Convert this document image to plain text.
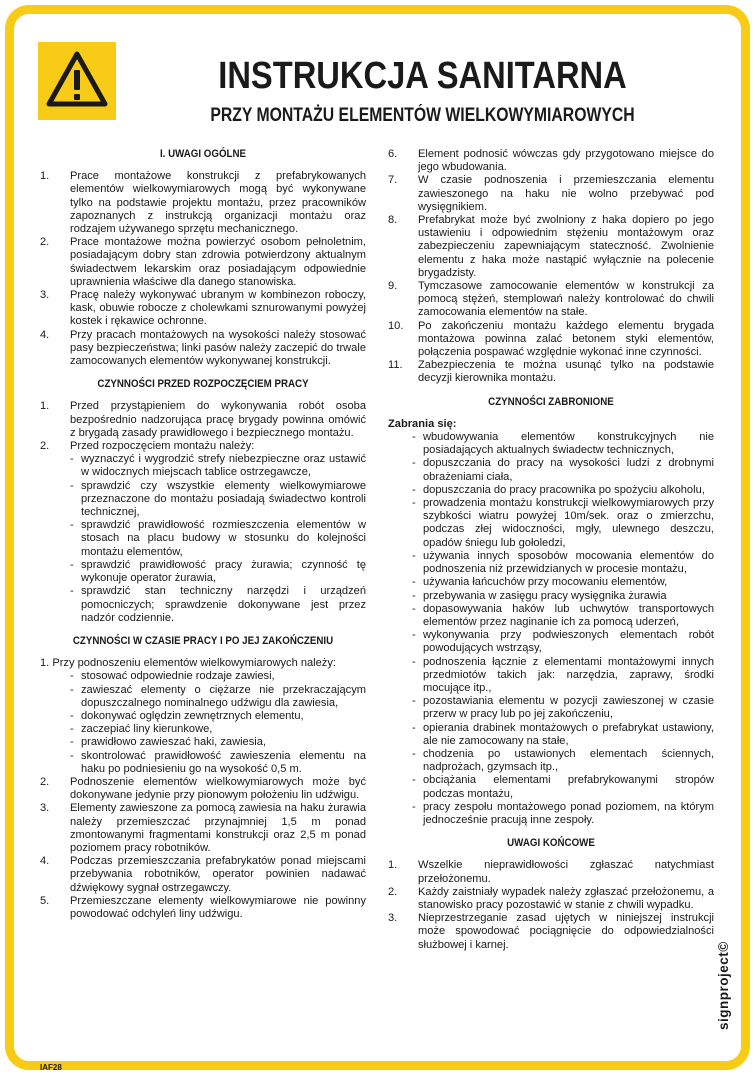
INSTRUKCJA SANITARNA
PRZY MONTAŻU ELEMENTÓW WIELKOWYMIAROWYCH
I. UWAGI OGÓLNE
1.	Prace montażowe konstrukcji z prefabrykowanych elementów wielkowymiarowych mogą być wykonywane tylko na podstawie projektu montażu, przez pracowników zapoznanych z instrukcją organizacji montażu oraz rodzajem używanego sprzętu mechanicznego.
2.	Prace montażowe można powierzyć osobom pełnoletnim, posiadającym dobry stan zdrowia potwierdzony aktualnym świadectwem lekarskim oraz posiadającym odpowiednie uprawnienia właściwe dla danego stanowiska.
3.	Pracę należy wykonywać ubranym w kombinezon roboczy, kask, obuwie robocze z cholewkami sznurowanymi powyżej kostek i rękawice ochronne.
4.	Przy pracach montażowych na wysokości należy stosować pasy bezpieczeństwa; linki pasów należy zaczepić do trwale zamocowanych elementów wykonywanej konstrukcji.
CZYNNOŚCI PRZED ROZPOCZĘCIEM PRACY
1.	Przed przystąpieniem do wykonywania robót osoba bezpośrednio nadzorująca pracę brygady powinna omówić z brygadą zasady prawidłowego i bezpiecznego montażu.
2.	Przed rozpoczęciem montażu należy:
- wyznaczyć i wygrodzić strefy niebezpieczne oraz ustawić w widocznych miejscach tablice ostrzegawcze,
- sprawdzić czy wszystkie elementy wielkowymiarowe przeznaczone do montażu posiadają świadectwo kontroli technicznej,
- sprawdzić prawidłowość rozmieszczenia elementów w stosach na placu budowy w stosunku do kolejności montażu elementów,
- sprawdzić prawidłowość pracy żurawia; czynność tę wykonuje operator żurawia,
- sprawdzić stan techniczny narzędzi i urządzeń pomocniczych; sprawdzenie dokonywane jest przez nadzór codziennie.
CZYNNOŚCI W CZASIE PRACY I PO JEJ ZAKOŃCZENIU
1. Przy podnoszeniu elementów wielkowymiarowych należy:
- stosować odpowiednie rodzaje zawiesi,
- zawieszać elementy o ciężarze nie przekraczającym dopuszczalnego nominalnego udźwigu dla zawiesia,
- dokonywać oględzin zewnętrznych elementu,
- zaczepiać liny kierunkowe,
- prawidłowo zawieszać haki, zawiesia,
- skontrolować prawidłowość zawieszenia elementu na haku po podniesieniu go na wysokość 0,5 m.
2.	Podnoszenie elementów wielkowymiarowych może być dokonywane jedynie przy pionowym położeniu lin udźwigu.
3.	Elementy zawieszone za pomocą zawiesia na haku żurawia należy przemieszczać przynajmniej 1,5 m ponad zmontowanymi fragmentami konstrukcji oraz 2,5 m ponad poziomem pracy robotników.
4.	Podczas przemieszczania prefabrykatów ponad miejscami przebywania robotników, operator powinien nadawać dźwiękowy sygnał ostrzegawczy.
5.	Przemieszczane elementy wielkowymiarowe nie powinny powodować odchyleń liny udźwigu.
6.	Element podnosić wówczas gdy przygotowano miejsce do jego wbudowania.
7.	W czasie podnoszenia i przemieszczania elementu zawieszonego na haku nie wolno przebywać pod wysięgnikiem.
8.	Prefabrykat może być zwolniony z haka dopiero po jego ustawieniu i odpowiednim stężeniu montażowym oraz zabezpieczeniu zapewniającym stateczność. Zwolnienie elementu z haka może nastąpić wyłącznie na polecenie brygadzisty.
9.	Tymczasowe zamocowanie elementów w konstrukcji za pomocą stężeń, stemplowań należy kontrolować do chwili zamocowania elementów na stałe.
10.	Po zakończeniu montażu każdego elementu brygada montażowa powinna zalać betonem styki elementów, połączenia pospawać względnie wykonać inne czynności.
11.	Zabezpieczenia te można usunąć tylko na podstawie decyzji kierownika montażu.
CZYNNOŚCI ZABRONIONE
Zabrania się:
- wbudowywania elementów konstrukcyjnych nie posiadających aktualnych świadectw technicznych,
- dopuszczania do pracy na wysokości ludzi z drobnymi obrażeniami ciała,
- dopuszczania do pracy pracownika po spożyciu alkoholu,
- prowadzenia montażu konstrukcji wielkowymiarowych przy szybkości wiatru powyżej 10m/sek. oraz o zmierzchu, podczas złej widoczności, mgły, ulewnego deszczu, opadów śniegu lub gołoledzi,
- używania innych sposobów mocowania elementów do podnoszenia niż przewidzianych w procesie montażu,
- używania łańcuchów przy mocowaniu elementów,
- przebywania w zasięgu pracy wysięgnika żurawia
- dopasowywania haków lub uchwytów transportowych elementów przez naginanie ich za pomocą uderzeń,
- wykonywania przy podwieszonych elementach robót powodujących wstrząsy,
- podnoszenia łącznie z elementami montażowymi innych przedmiotów takich jak: narzędzia, zaprawy, środki mocujące itp.,
- pozostawiania elementu w pozycji zawieszonej w czasie przerw w pracy lub po jej zakończeniu,
- opierania drabinek montażowych o prefabrykat ustawiony, ale nie zamocowany na stałe,
- chodzenia po ustawionych elementach ściennych, nadprożach, gzymsach itp.,
- obciążania elementami prefabrykowanymi stropów podczas montażu,
- pracy zespołu montażowego ponad poziomem, na którym jednocześnie pracują inne zespoły.
UWAGI KOŃCOWE
1.	Wszelkie nieprawidłowości zgłaszać natychmiast przełożonemu.
2.	Każdy zaistniały wypadek należy zgłaszać przełożonemu, a stanowisko pracy pozostawić w stanie z chwili wypadku.
3.	Nieprzestrzeganie zasad ujętych w niniejszej instrukcji może spowodować pociągnięcie do odpowiedzialności służbowej i karnej.	signproject©
IAF28
